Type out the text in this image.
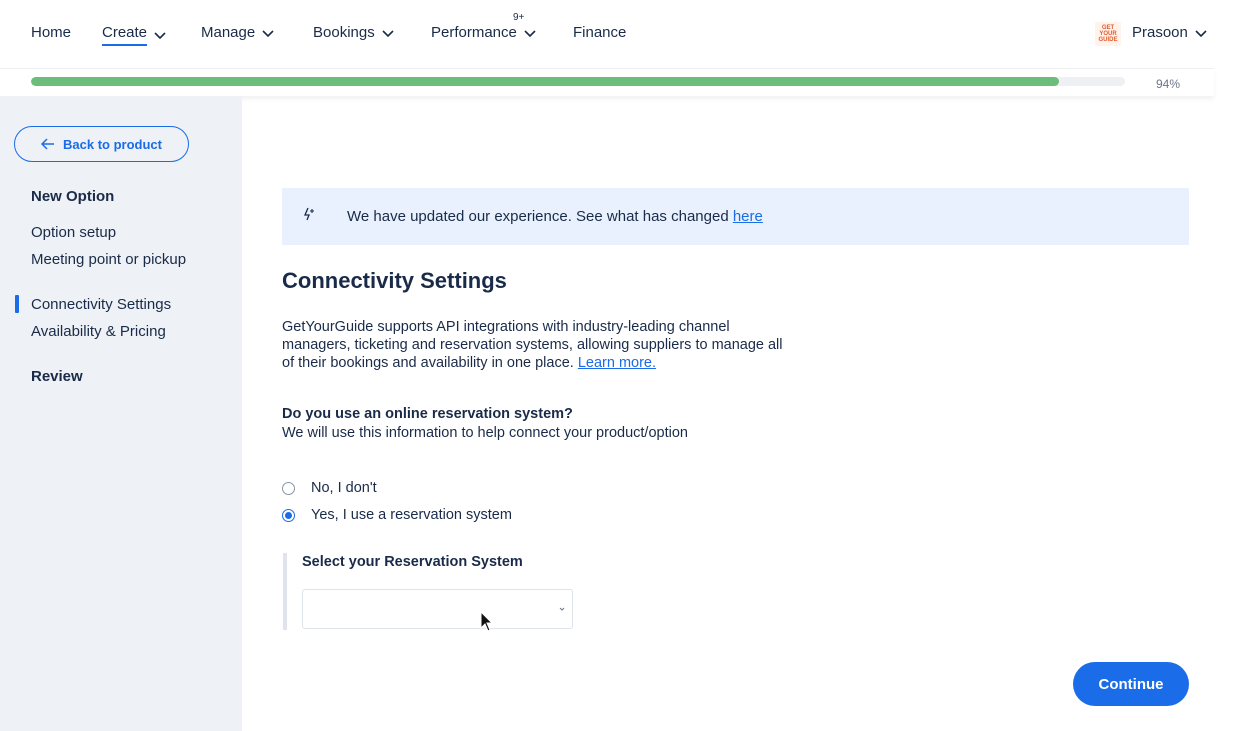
Home Create	Manage	Bookings
9+
Performance	Finance	GET
YOUR
GUIDE Prasoon
94%
Back to product
New Option
Option setup
Meeting point or pickup
Connectivity Settings
Availability & Pricing
Review
We have updated our experience. See what has changed here
Connectivity Settings
GetYourGuide supports API integrations with industry-leading channel managers, ticketing and reservation systems, allowing suppliers to manage all of their bookings and availability in one place. Learn more.
Do you use an online reservation system?
We will use this information to help connect your product/option
No, I don't
Yes, I use a reservation system
Select your Reservation System
Continue
